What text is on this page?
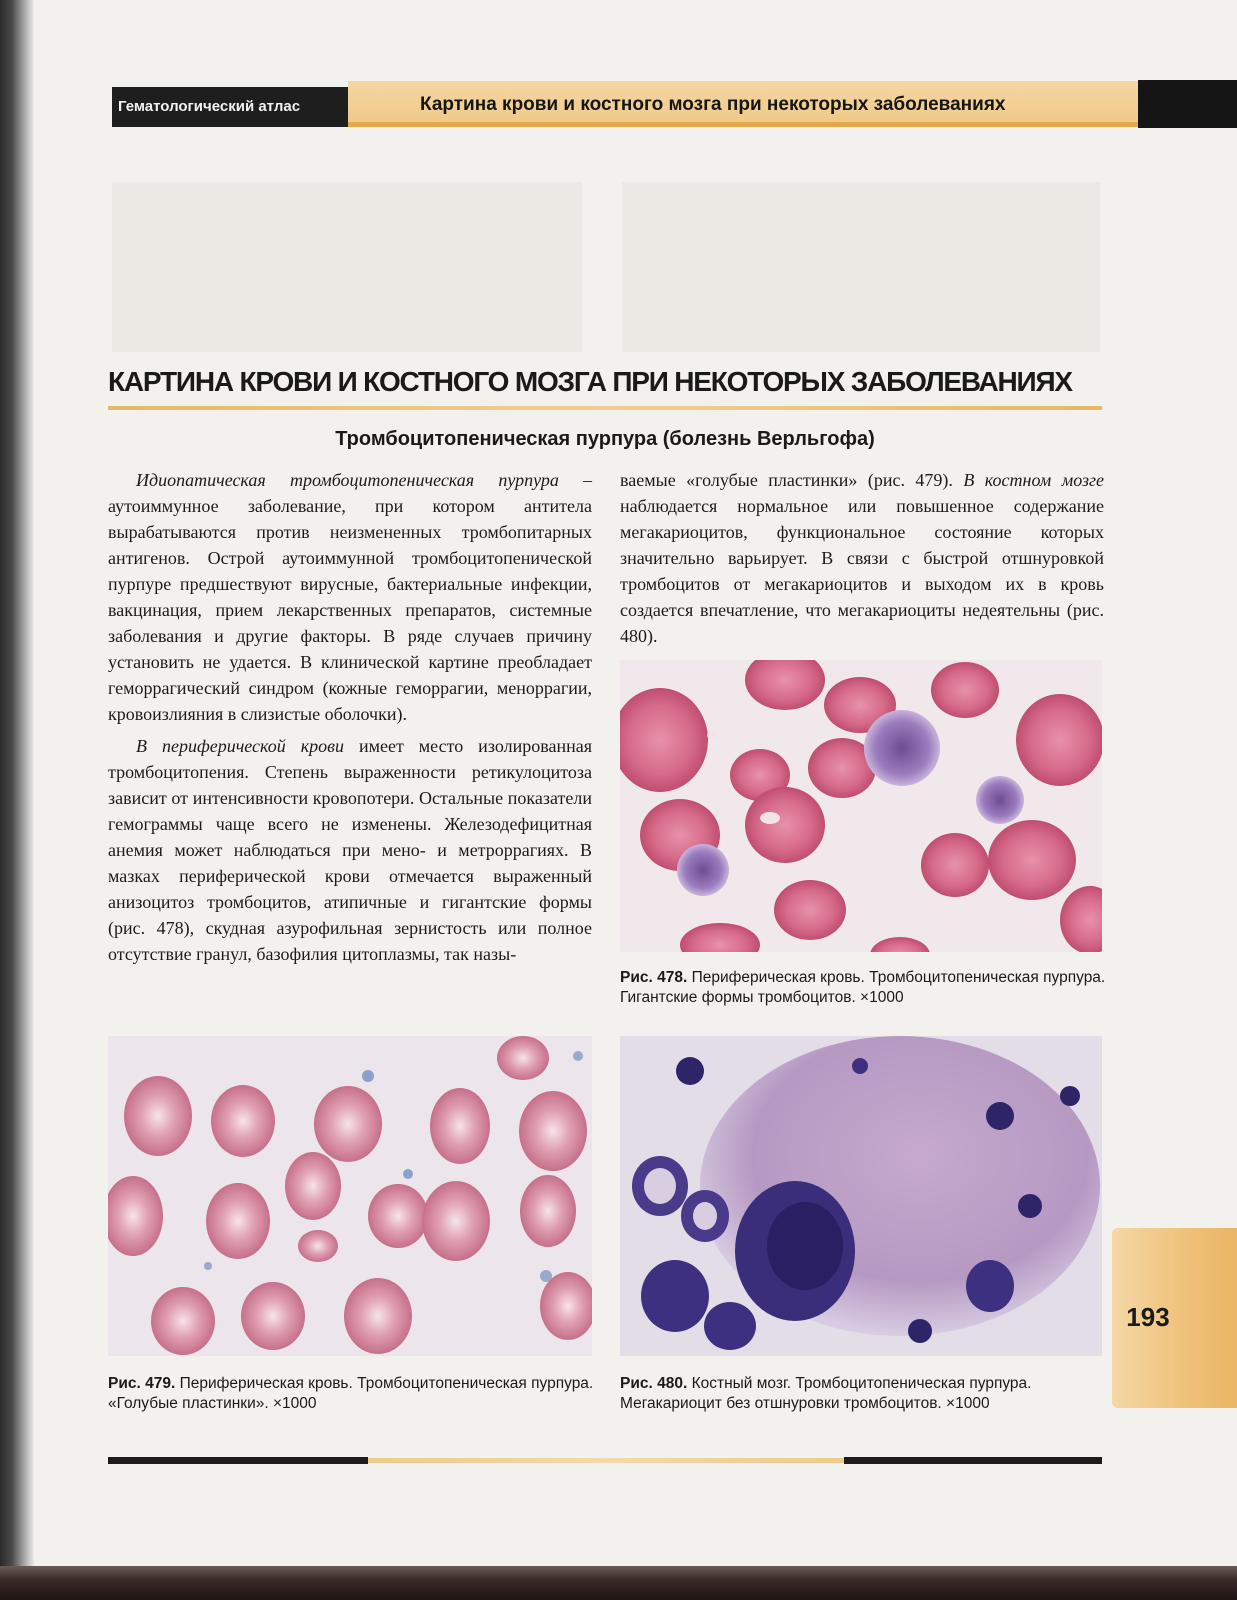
Гематологический атлас	Картина крови и костного мозга при некоторых заболеваниях
КАРТИНА КРОВИ И КОСТНОГО МОЗГА ПРИ НЕКОТОРЫХ ЗАБОЛЕВАНИЯХ
Тромбоцитопеническая пурпура (болезнь Верльгофа)

Идиопатическая тромбоцитопеническая пурпура – аутоиммунное заболевание, при котором антитела вырабатываются против неизмененных тромбопитарных антигенов. Острой аутоиммунной тромбоцитопенической пурпуре предшествуют вирусные, бактериальные инфекции, вакцинация, прием лекарственных препаратов, системные заболевания и другие факторы. В ряде случаев причину установить не удается. В клинической картине преобладает геморрагический синдром (кожные геморрагии, меноррагии, кровоизлияния в слизистые оболочки).

В периферической крови имеет место изолированная тромбоцитопения. Степень выраженности ретикулоцитоза зависит от интенсивности кровопотери. Остальные показатели гемограммы чаще всего не изменены. Железодефицитная анемия может наблюдаться при мено- и метроррагиях. В мазках периферической крови отмечается выраженный анизоцитоз тромбоцитов, атипичные и гигантские формы (рис. 478), скудная азурофильная зернистость или полное отсутствие гранул, базофилия цитоплазмы, так назы-

ваемые «голубые пластинки» (рис. 479). В костном мозге наблюдается нормальное или повышенное содержание мегакариоцитов, функциональное состояние которых значительно варьирует. В связи с быстрой отшнуровкой тромбоцитов от мегакариоцитов и выходом их в кровь создается впечатление, что мегакариоциты недеятельны (рис. 480).

Рис. 478. Периферическая кровь. Тромбоцитопеническая пурпура. Гигантские формы тромбоцитов. ×1000
Рис. 479. Периферическая кровь. Тромбоцитопеническая пурпура. «Голубые пластинки». ×1000
Рис. 480. Костный мозг. Тромбоцитопеническая пурпура. Мегакариоцит без отшнуровки тромбоцитов. ×1000
193
